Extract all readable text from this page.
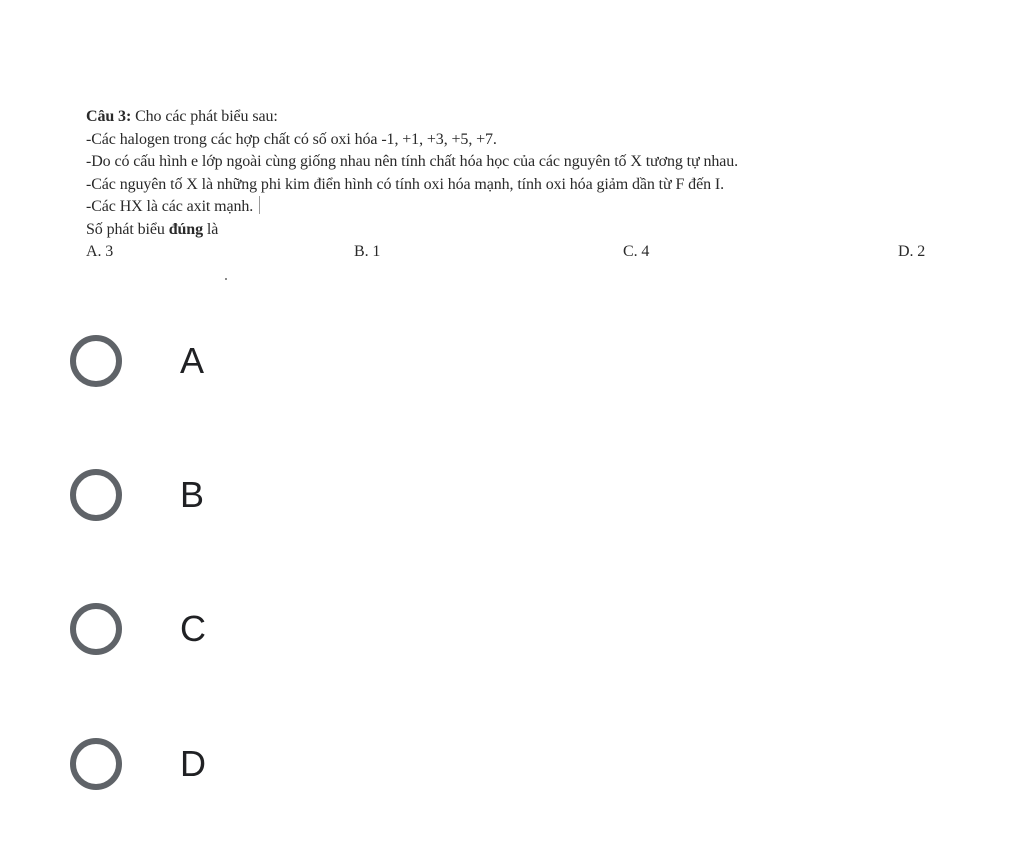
Câu 3: Cho các phát biểu sau:
-Các halogen trong các hợp chất có số oxi hóa -1, +1, +3, +5, +7.
-Do có cấu hình e lớp ngoài cùng giống nhau nên tính chất hóa học của các nguyên tố X tương tự nhau.
-Các nguyên tố X là những phi kim điển hình có tính oxi hóa mạnh, tính oxi hóa giảm dần từ F đến I.
-Các HX là các axit mạnh.
Số phát biểu đúng là
A. 3	B. 1	C. 4	D. 2
A
B
C
D
